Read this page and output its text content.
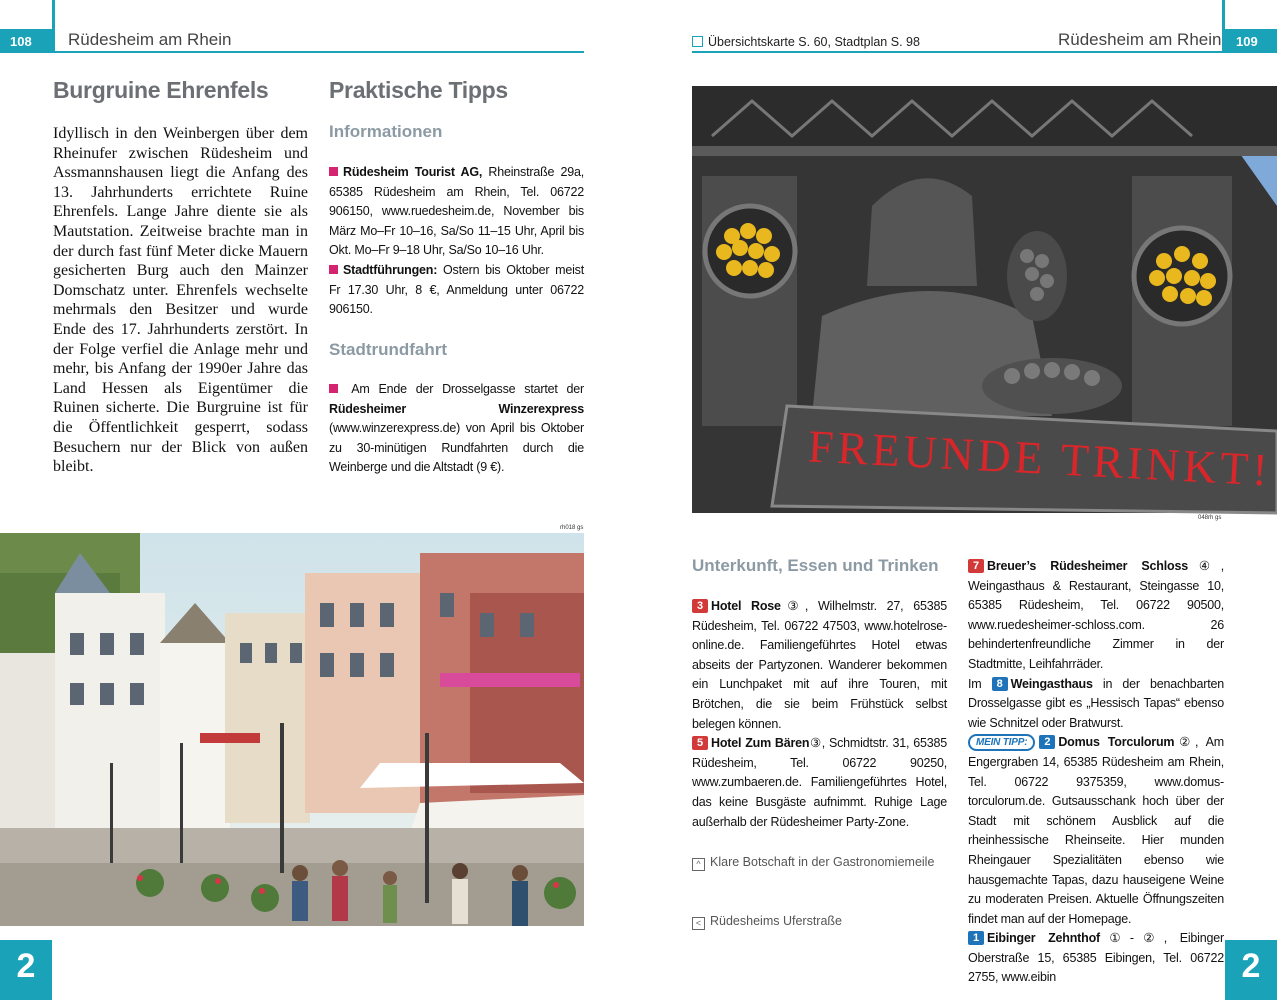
108 Rüdesheim am Rhein
Burgruine Ehrenfels
Idyllisch in den Weinbergen über dem Rheinufer zwischen Rüdesheim und Assmannshausen liegt die Anfang des 13. Jahrhunderts errichtete Ruine Ehrenfels. Lange Jahre diente sie als Mautstation. Zeitweise brachte man in der durch fast fünf Meter dicke Mauern gesicherten Burg auch den Mainzer Domschatz unter. Ehrenfels wechselte mehrmals den Besitzer und wurde Ende des 17. Jahrhunderts zerstört. In der Folge verfiel die Anlage mehr und mehr, bis Anfang der 1990er Jahre das Land Hessen als Eigentümer die Ruinen sicherte. Die Burgruine ist für die Öffentlichkeit gesperrt, sodass Besuchern nur der Blick von außen bleibt.
Praktische Tipps
Informationen
Rüdesheim Tourist AG, Rheinstraße 29a, 65385 Rüdesheim am Rhein, Tel. 06722 906150, www.ruedesheim.de, November bis März Mo–Fr 10–16, Sa/So 11–15 Uhr, April bis Okt. Mo–Fr 9–18 Uhr, Sa/So 10–16 Uhr.
Stadtführungen: Ostern bis Oktober meist Fr 17.30 Uhr, 8 €, Anmeldung unter 06722 906150.
Stadtrundfahrt
Am Ende der Drosselgasse startet der Rüdesheimer Winzerexpress (www.winzerexpress.de) von April bis Oktober zu 30-minütigen Rundfahrten durch die Weinberge und die Altstadt (9 €).
rh018 gs
2
Übersichtskarte S. 60, Stadtplan S. 98	Rüdesheim am Rhein 109
FREUNDE TRINKT!
048rh gs
Unterkunft, Essen und Trinken
3 Hotel Rose③, Wilhelmstr. 27, 65385 Rüdesheim, Tel. 06722 47503, www.hotelrose-online.de. Familiengeführtes Hotel etwas abseits der Partyzonen. Wanderer bekommen ein Lunchpaket mit auf ihre Touren, mit Brötchen, die sie beim Frühstück selbst belegen können.
5 Hotel Zum Bären③, Schmidtstr. 31, 65385 Rüdesheim, Tel. 06722 90250, www.zumbaeren.de. Familiengeführtes Hotel, das keine Busgäste aufnimmt. Ruhige Lage außerhalb der Rüdesheimer Party-Zone.
^ Klare Botschaft in der Gastronomiemeile
< Rüdesheims Uferstraße
7 Breuer’s Rüdesheimer Schloss④, Weingasthaus & Restaurant, Steingasse 10, 65385 Rüdesheim, Tel. 06722 90500, www.ruedesheimer-schloss.com. 26 behindertenfreundliche Zimmer in der Stadtmitte, Leihfahrräder.
Im 8 Weingasthaus in der benachbarten Drosselgasse gibt es „Hessisch Tapas“ ebenso wie Schnitzel oder Bratwurst.
MEIN TIPP: 2 Domus Torculorum②, Am Engergraben 14, 65385 Rüdesheim am Rhein, Tel. 06722 9375359, www.domus-torculorum.de. Gutsausschank hoch über der Stadt mit schönem Ausblick auf die rheinhessische Rheinseite. Hier munden Rheingauer Spezialitäten ebenso wie hausgemachte Tapas, dazu hauseigene Weine zu moderaten Preisen. Aktuelle Öffnungszeiten findet man auf der Homepage.
1 Eibinger Zehnthof①-②, Eibinger Oberstraße 15, 65385 Eibingen, Tel. 06722 2755, www.eibin	2
